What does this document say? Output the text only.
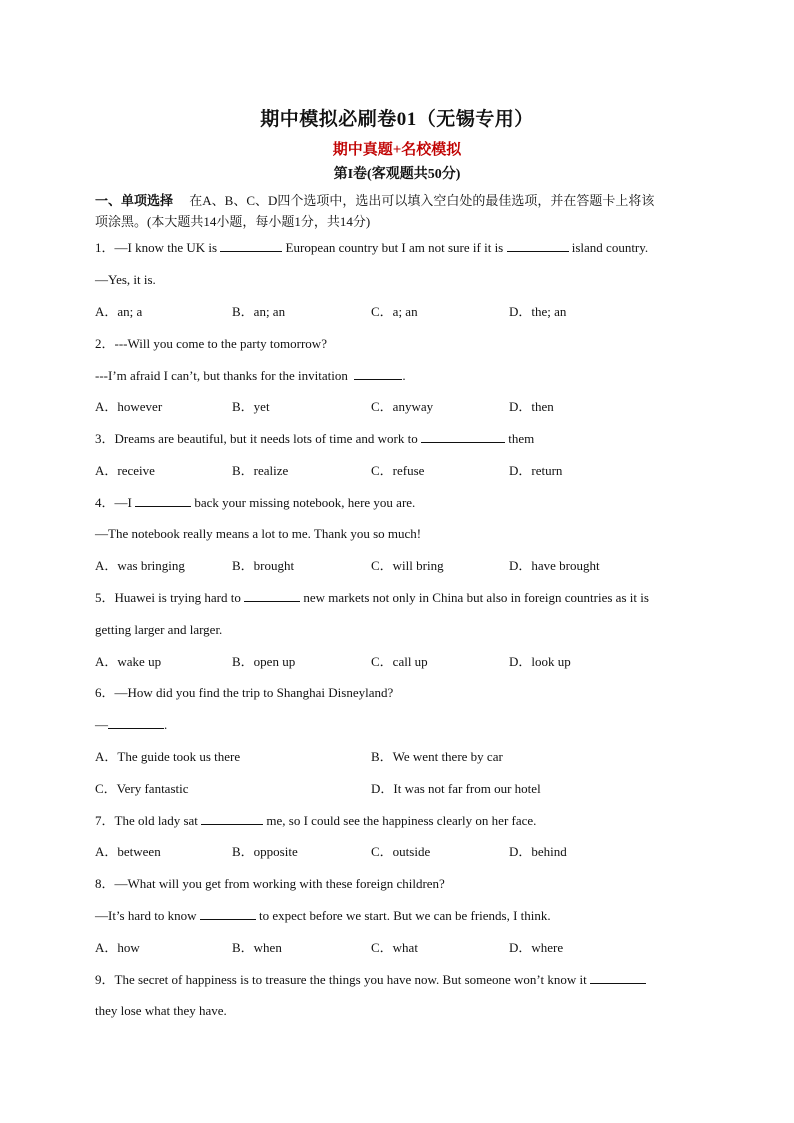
期中模拟必刷卷01（无锡专用）
期中真题+名校模拟
第I卷(客观题共50分)
一、单项选择 在A、B、C、D四个选项中，选出可以填入空白处的最佳选项，并在答题卡上将该
项涂黑。(本大题共14小题，每小题1分，共14分)
1．—I know the UK is	European country but I am not sure if it is	island country.
—Yes, it is.
A．an; a	B．an; an	C．a; an	D．the; an
2．---Will you come to the party tomorrow?
---I’m afraid I can’t, but thanks for the invitation	.
A．however	B．yet	C．anyway	D．then
3．Dreams are beautiful, but it needs lots of time and work to	them
A．receive	B．realize	C．refuse	D．return
4．—I	back your missing notebook, here you are.
—The notebook really means a lot to me. Thank you so much!
A．was bringing	B．brought	C．will bring	D．have brought
5．Huawei is trying hard to	new markets not only in China but also in foreign countries as it is
getting larger and larger.
A．wake up	B．open up	C．call up	D．look up
6．—How did you find the trip to Shanghai Disneyland?
—	.
A．The guide took us there	B．We went there by car
C．Very fantastic	D．It was not far from our hotel
7．The old lady sat	me, so I could see the happiness clearly on her face.
A．between	B．opposite	C．outside	D．behind
8．—What will you get from working with these foreign children?
—It’s hard to know	to expect before we start. But we can be friends, I think.
A．how	B．when	C．what	D．where
9．The secret of happiness is to treasure the things you have now. But someone won’t know it
they lose what they have.
